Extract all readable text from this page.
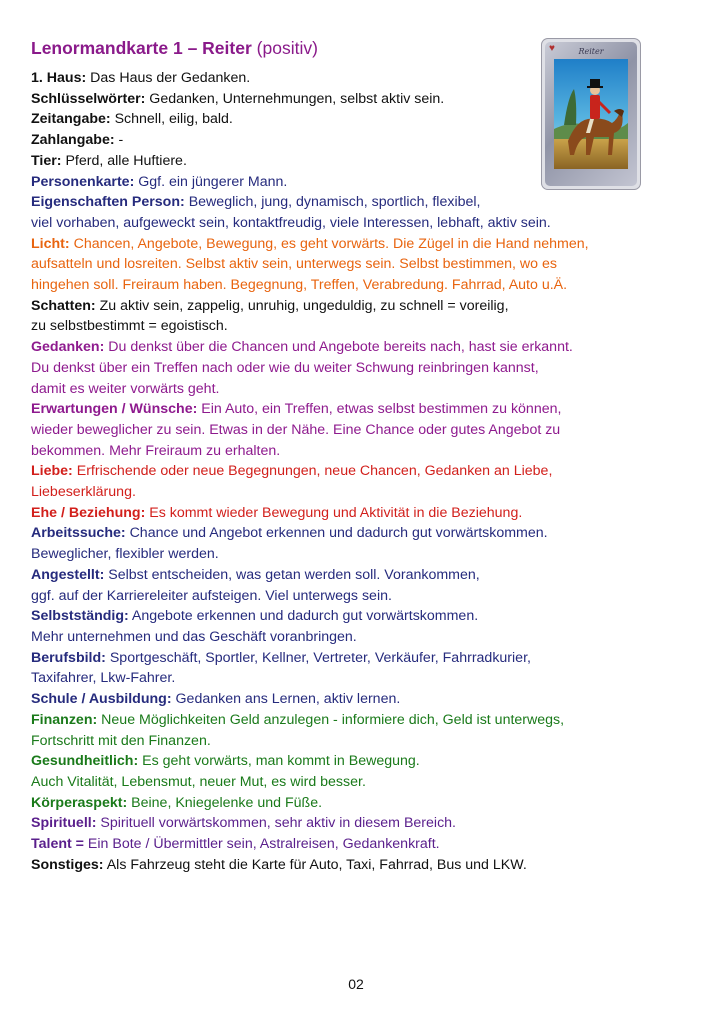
Lenormandkarte 1 – Reiter (positiv)	♥	Reiter

1. Haus: Das Haus der Gedanken.

Schlüsselwörter: Gedanken, Unternehmungen, selbst aktiv sein.

Zeitangabe: Schnell, eilig, bald.

Zahlangabe: -

Tier: Pferd, alle Huftiere.

Personenkarte: Ggf. ein jüngerer Mann.

Eigenschaften Person: Beweglich, jung, dynamisch, sportlich, flexibel,
viel vorhaben, aufgeweckt sein, kontaktfreudig, viele Interessen, lebhaft, aktiv sein.

Licht: Chancen, Angebote, Bewegung, es geht vorwärts. Die Zügel in die Hand nehmen,
aufsatteln und losreiten. Selbst aktiv sein, unterwegs sein. Selbst bestimmen, wo es
hingehen soll. Freiraum haben. Begegnung, Treffen, Verabredung. Fahrrad, Auto u.Ä.

Schatten: Zu aktiv sein, zappelig, unruhig, ungeduldig, zu schnell = voreilig,
zu selbstbestimmt = egoistisch.

Gedanken: Du denkst über die Chancen und Angebote bereits nach, hast sie erkannt.
Du denkst über ein Treffen nach oder wie du weiter Schwung reinbringen kannst,
damit es weiter vorwärts geht.

Erwartungen / Wünsche: Ein Auto, ein Treffen, etwas selbst bestimmen zu können,
wieder beweglicher zu sein. Etwas in der Nähe. Eine Chance oder gutes Angebot zu
bekommen. Mehr Freiraum zu erhalten.

Liebe: Erfrischende oder neue Begegnungen, neue Chancen, Gedanken an Liebe,
Liebeserklärung.

Ehe / Beziehung: Es kommt wieder Bewegung und Aktivität in die Beziehung.

Arbeitssuche: Chance und Angebot erkennen und dadurch gut vorwärtskommen.
Beweglicher, flexibler werden.

Angestellt: Selbst entscheiden, was getan werden soll. Vorankommen,
ggf. auf der Karriereleiter aufsteigen. Viel unterwegs sein.

Selbstständig: Angebote erkennen und dadurch gut vorwärtskommen.
Mehr unternehmen und das Geschäft voranbringen.

Berufsbild: Sportgeschäft, Sportler, Kellner, Vertreter, Verkäufer, Fahrradkurier,
Taxifahrer, Lkw-Fahrer.

Schule / Ausbildung: Gedanken ans Lernen, aktiv lernen.

Finanzen: Neue Möglichkeiten Geld anzulegen - informiere dich, Geld ist unterwegs,
Fortschritt mit den Finanzen.

Gesundheitlich: Es geht vorwärts, man kommt in Bewegung.
Auch Vitalität, Lebensmut, neuer Mut, es wird besser.

Körperaspekt: Beine, Kniegelenke und Füße.

Spirituell: Spirituell vorwärtskommen, sehr aktiv in diesem Bereich.

Talent = Ein Bote / Übermittler sein, Astralreisen, Gedankenkraft.

Sonstiges: Als Fahrzeug steht die Karte für Auto, Taxi, Fahrrad, Bus und LKW.

02
